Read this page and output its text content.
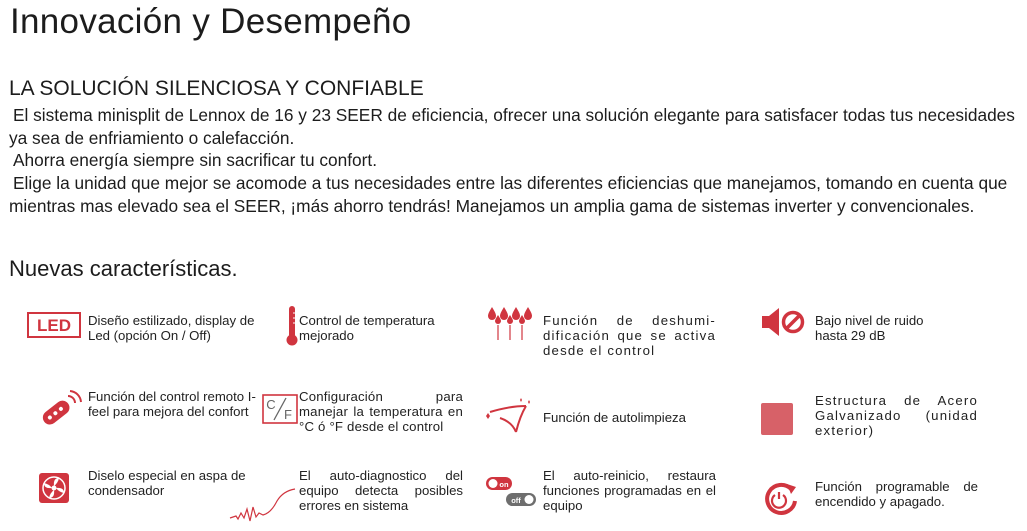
Innovación y Desempeño
LA SOLUCIÓN SILENCIOSA Y CONFIABLE

El sistema minisplit de Lennox de 16 y 23 SEER de eficiencia, ofrecer una solución elegante para satisfacer todas tus necesidades ya sea de enfriamiento o calefacción.

Ahorra energía siempre sin sacrificar tu confort.

Elige la unidad que mejor se acomode a tus necesidades entre las diferentes eficiencias que manejamos, tomando en cuenta que mientras mas elevado sea el SEER, ¡más ahorro tendrás! Manejamos un amplia gama de sistemas inverter y convencionales.

Nuevas características.
LED Diseño estilizado, display de Led (opción On / Off)
Control de temperatura mejorado
Función de deshumi-dificación que se activa desde el control
Bajo nivel de ruido hasta 29 dB
Función del control remoto I-feel para mejora del confort	C
F
Configuración para manejar la temperatura en °C ó °F desde el control
Función de autolimpieza
Estructura de Acero Galvanizado (unidad exterior)
Diselo especial en aspa de condensador
El auto-diagnostico del equipo detecta posibles errores en sistema
on
off
El auto-reinicio, restaura funciones programadas en el equipo
Función programable de encendido y apagado.
